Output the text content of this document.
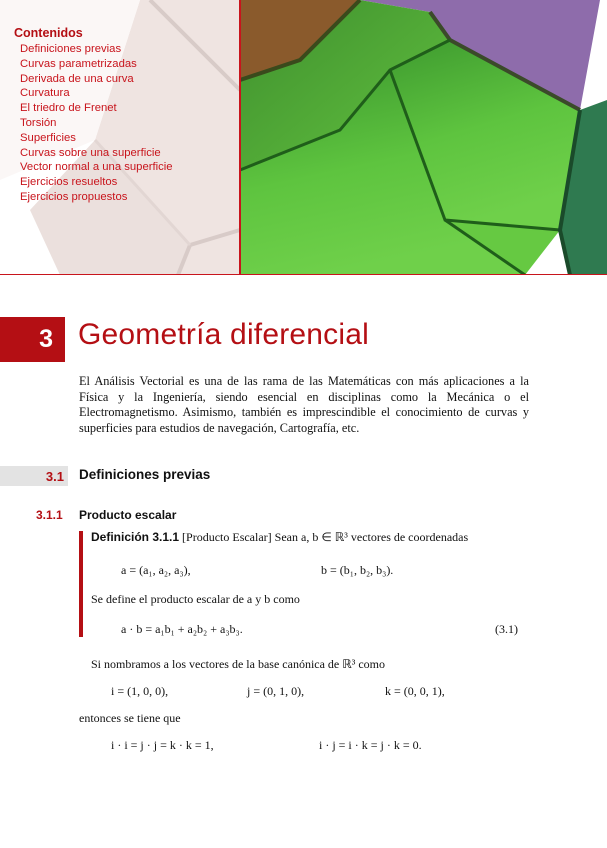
Contenidos
Definiciones previas
Curvas parametrizadas
Derivada de una curva
Curvatura
El triedro de Frenet
Torsión
Superficies
Curvas sobre una superficie
Vector normal a una superficie
Ejercicios resueltos
Ejercicios propuestos
3 Geometría diferencial

El Análisis Vectorial es una de las rama de las Matemáticas con más aplicaciones a la Física y la Ingeniería, siendo esencial en disciplinas como la Mecánica o el Electromagnetismo. Asimismo, también es imprescindible el conocimiento de curvas y superficies para estudios de navegación, Cartografía, etc.

3.1 Definiciones previas
3.1.1 Producto escalar
Definición 3.1.1 [Producto Escalar] Sean a, b ∈ ℝ³ vectores de coordenadas
a = (a₁, a₂, a₃),	b = (b₁, b₂, b₃).
Se define el producto escalar de a y b como
a · b = a₁b₁ + a₂b₂ + a₃b₃.	(3.1)
Si nombramos a los vectores de la base canónica de ℝ³ como
i = (1, 0, 0),	j = (0, 1, 0),	k = (0, 0, 1),
entonces se tiene que
i · i = j · j = k · k = 1,	i · j = i · k = j · k = 0.
